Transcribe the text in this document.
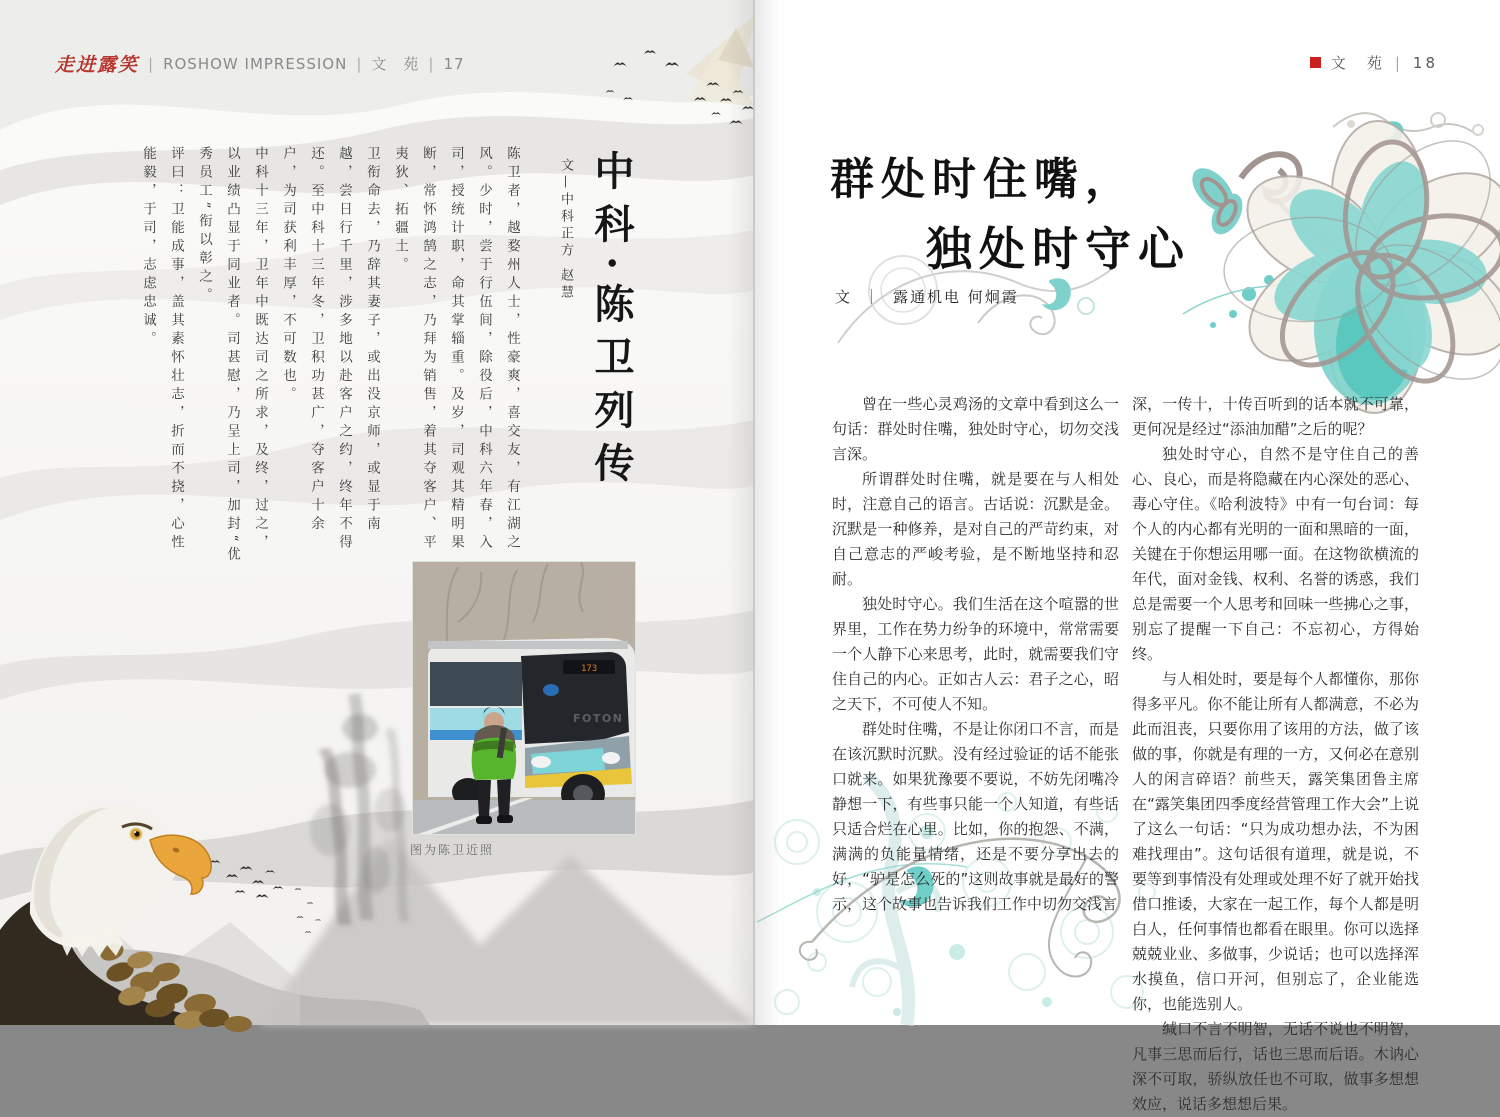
走进露笑 | ROSHOW IMPRESSION | 文　苑 | 17
中科·陈卫列传
文—中科正方 赵慧

陈卫者，越婺州人士，性豪爽，喜交友，有江湖之风。少时，尝于行伍间，除役后，中科六年春，入司，授统计职，命其掌辎重。及岁，司观其精明果断，常怀鸿鹄之志，乃拜为销售，着其夺客户、平夷狄、拓疆土。

卫衔命去，乃辞其妻子，或出没京师，或显于南越，尝日行千里，涉多地以赴客户之约，终年不得还。至中科十三年冬，卫积功甚广，夺客户十余户，为司获利丰厚，不可数也。

中科十三年，卫年中既达司之所求，及终，过之，以业绩凸显于同业者。司甚慰，乃呈上司，加封“优秀员工”衔以彰之。

评曰：卫能成事，盖其素怀壮志，折而不挠，心性能毅，于司，志虑忠诚。

173
FOTON
图为陈卫近照
文　苑 | 18
群处时住嘴，
独处时守心
文 ｜ 露通机电 何炯霞

曾在一些心灵鸡汤的文章中看到这么一句话：群处时住嘴，独处时守心，切勿交浅言深。

所谓群处时住嘴，就是要在与人相处时，注意自己的语言。古话说：沉默是金。沉默是一种修养，是对自己的严苛约束，对自己意志的严峻考验，是不断地坚持和忍耐。

独处时守心。我们生活在这个喧嚣的世界里，工作在势力纷争的环境中，常常需要一个人静下心来思考，此时，就需要我们守住自己的内心。正如古人云：君子之心，昭之天下，不可使人不知。

群处时住嘴，不是让你闭口不言，而是在该沉默时沉默。没有经过验证的话不能张口就来。如果犹豫要不要说，不妨先闭嘴冷静想一下，有些事只能一个人知道，有些话只适合烂在心里。比如，你的抱怨、不满，满满的负能量情绪，还是不要分享出去的好，“驴是怎么死的”这则故事就是最好的警示，这个故事也告诉我们工作中切勿交浅言

深，一传十，十传百听到的话本就不可靠，更何况是经过“添油加醋”之后的呢？

独处时守心，自然不是守住自己的善心、良心，而是将隐藏在内心深处的恶心、毒心守住。《哈利波特》中有一句台词：每个人的内心都有光明的一面和黑暗的一面，关键在于你想运用哪一面。在这物欲横流的年代，面对金钱、权利、名誉的诱惑，我们总是需要一个人思考和回味一些拂心之事，别忘了提醒一下自己：不忘初心，方得始终。

与人相处时，要是每个人都懂你，那你得多平凡。你不能让所有人都满意，不必为此而沮丧，只要你用了该用的方法，做了该做的事，你就是有理的一方，又何必在意别人的闲言碎语？前些天，露笑集团鲁主席在“露笑集团四季度经营管理工作大会”上说了这么一句话：“只为成功想办法，不为困难找理由”。这句话很有道理，就是说，不要等到事情没有处理或处理不好了就开始找借口推诿，大家在一起工作，每个人都是明白人，任何事情也都看在眼里。你可以选择兢兢业业、多做事，少说话；也可以选择浑水摸鱼，信口开河，但别忘了，企业能选你，也能选别人。

缄口不言不明智，无话不说也不明智，凡事三思而后行，话也三思而后语。木讷心深不可取，骄纵放任也不可取，做事多想想效应，说话多想想后果。
